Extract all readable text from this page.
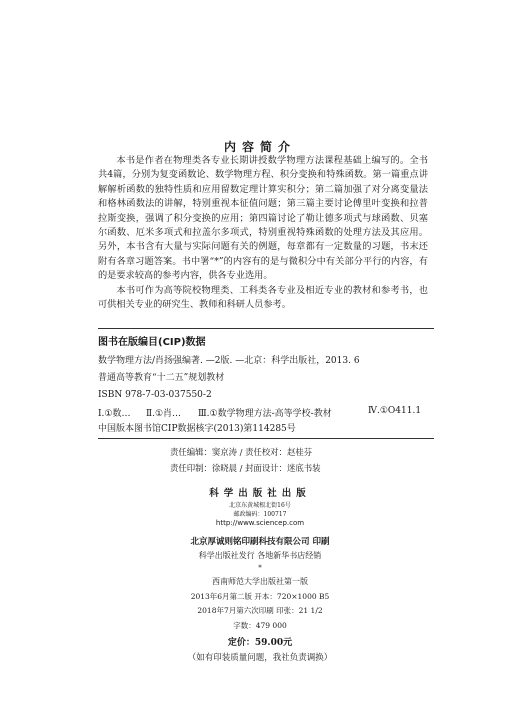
内容简介

本书是作者在物理类各专业长期讲授数学物理方法课程基础上编写的。全书共4篇，分别为复变函数论、数学物理方程、积分变换和特殊函数。第一篇重点讲解解析函数的独特性质和应用留数定理计算实积分；第二篇加强了对分离变量法和格林函数法的讲解，特别重视本征值问题；第三篇主要讨论傅里叶变换和拉普拉斯变换，强调了积分变换的应用；第四篇讨论了勒让德多项式与球函数、贝塞尔函数、厄米多项式和拉盖尔多项式，特别重视特殊函数的处理方法及其应用。另外，本书含有大量与实际问题有关的例题，每章都有一定数量的习题，书末还附有各章习题答案。书中署“*”的内容有的是与微积分中有关部分平行的内容，有的是要求较高的参考内容，供各专业选用。

本书可作为高等院校物理类、工科类各专业及相近专业的教材和参考书，也可供相关专业的研究生、教师和科研人员参考。

图书在版编目(CIP)数据
数学物理方法/肖扬强编著. —2版. —北京：科学出版社，2013. 6
普通高等教育“十二五”规划教材
ISBN 978-7-03-037550-2
Ⅰ.①数… Ⅱ.①肖… Ⅲ.①数学物理方法-高等学校-教材	Ⅳ.①O411.1
中国版本图书馆CIP数据核字(2013)第114285号
责任编辑：窦京涛 / 责任校对：赵桂芬
责任印制：徐晓晨 / 封面设计：迷底书装
科学出版社出版
北京东黄城根北街16号
邮政编码：100717
http://www.sciencep.com
北京厚诚则铭印刷科技有限公司 印刷
科学出版社发行 各地新华书店经销
*
西南师范大学出版社第一版
2013年6月第二版 开本：720×1000 B5
2018年7月第六次印刷 印张：21 1/2
字数：479 000
定价：59.00元
（如有印装质量问题，我社负责调换）
